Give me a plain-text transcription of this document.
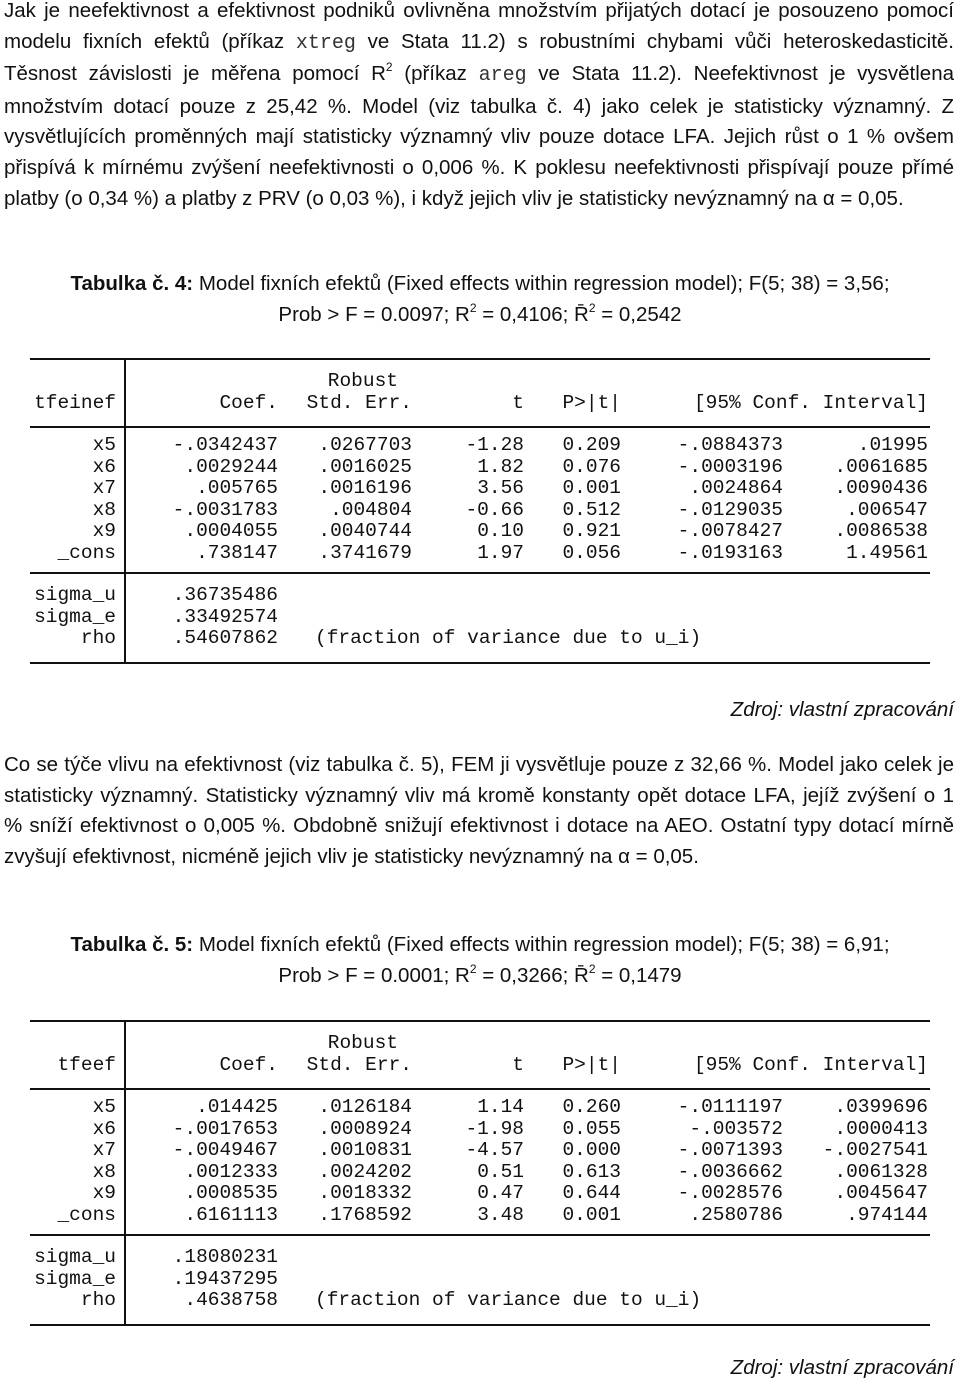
Jak je neefektivnost a efektivnost podniků ovlivněna množstvím přijatých dotací je posouzeno pomocí modelu fixních efektů (příkaz xtreg ve Stata 11.2) s robustními chybami vůči heteroskedasticitě. Těsnost závislosti je měřena pomocí $R^2$ (příkaz areg ve Stata 11.2). Neefektivnost je vysvětlena množstvím dotací pouze z 25,42 %. Model (viz tabulka č. 4) jako celek je statisticky významný. Z vysvětlujících proměnných mají statisticky významný vliv pouze dotace LFA. Jejich růst o 1 % ovšem přispívá k mírnému zvýšení neefektivnosti o 0,006 %. K poklesu neefektivnosti přispívají pouze přímé platby (o 0,34 %) a platby z PRV (o 0,03 %), i když jejich vliv je statisticky nevýznamný na α = 0,05.

Tabulka č. 4: Model fixních efektů (Fixed effects within regression model); F(5; 38) = 3,56;
Prob > F = 0.0097; $R^2 = 0,4106$; R̄$^2$ = 0,2542
Robust
tfeinef	Coef.	Std. Err.	t	P>|t|	[95% Conf. Interval]
x5	-.0342437	.0267703	-1.28	0.209	-.0884373	.01995
x6	.0029244	.0016025	1.82	0.076	-.0003196	.0061685
x7	.005765	.0016196	3.56	0.001	.0024864	.0090436
x8	-.0031783	.004804	-0.66	0.512	-.0129035	.006547
x9	.0004055	.0040744	0.10	0.921	-.0078427	.0086538
_cons	.738147	.3741679	1.97	0.056	-.0193163	1.49561
sigma_u	.36735486
sigma_e	.33492574
rho	.54607862 (fraction of variance due to u_i)
Zdroj: vlastní zpracování

Co se týče vlivu na efektivnost (viz tabulka č. 5), FEM ji vysvětluje pouze z 32,66 %. Model jako celek je statisticky významný. Statisticky významný vliv má kromě konstanty opět dotace LFA, jejíž zvýšení o 1 % sníží efektivnost o 0,005 %. Obdobně snižují efektivnost i dotace na AEO. Ostatní typy dotací mírně zvyšují efektivnost, nicméně jejich vliv je statisticky nevýznamný na α = 0,05.

Tabulka č. 5: Model fixních efektů (Fixed effects within regression model); F(5; 38) = 6,91;
Prob > F = 0.0001; $R^2 = 0,3266$; R̄$^2$ = 0,1479
Robust
tfeef	Coef.	Std. Err.	t	P>|t|	[95% Conf. Interval]
x5	.014425	.0126184	1.14	0.260	-.0111197	.0399696
x6	-.0017653	.0008924	-1.98	0.055	-.003572	.0000413
x7	-.0049467	.0010831	-4.57	0.000	-.0071393	-.0027541
x8	.0012333	.0024202	0.51	0.613	-.0036662	.0061328
x9	.0008535	.0018332	0.47	0.644	-.0028576	.0045647
_cons	.6161113	.1768592	3.48	0.001	.2580786	.974144
sigma_u	.18080231
sigma_e	.19437295
rho	.4638758 (fraction of variance due to u_i)
Zdroj: vlastní zpracování
